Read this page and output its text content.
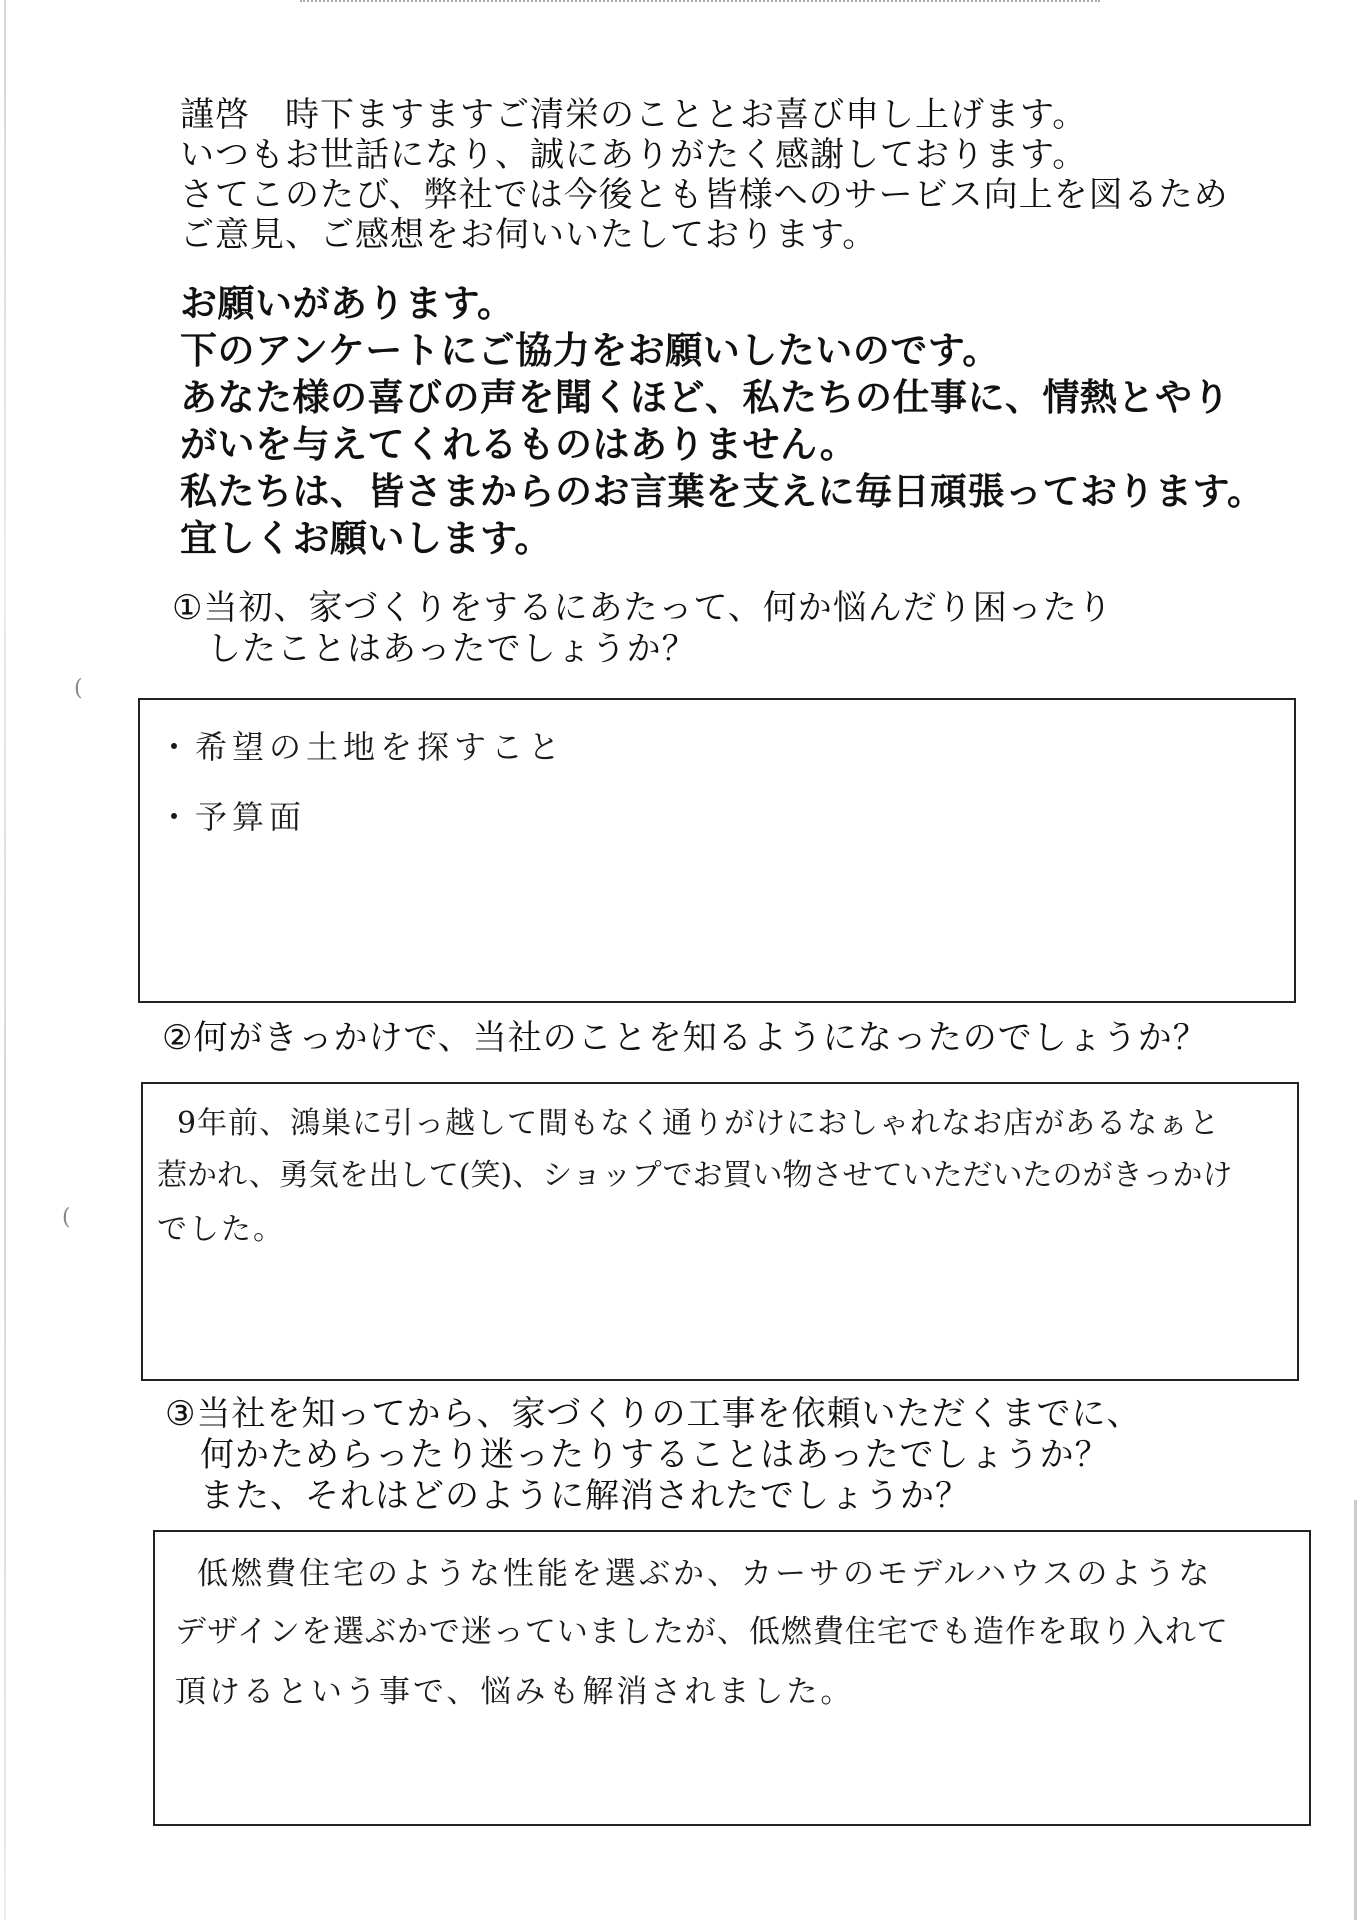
(
(
謹啓　時下ますますご清栄のこととお喜び申し上げます。
いつもお世話になり、誠にありがたく感謝しております。
さてこのたび、弊社では今後とも皆様へのサービス向上を図るため
ご意見、ご感想をお伺いいたしております。
お願いがあります。
下のアンケートにご協力をお願いしたいのです。
あなた様の喜びの声を聞くほど、私たちの仕事に、情熱とやり
がいを与えてくれるものはありません。
私たちは、皆さまからのお言葉を支えに毎日頑張っております。
宜しくお願いします。
①当初、家づくりをするにあたって、何か悩んだり困ったり
　したことはあったでしょうか？
・希望の土地を探すこと
・予算面
②何がきっかけで、当社のことを知るようになったのでしょうか？
9年前、鴻巣に引っ越して間もなく通りがけにおしゃれなお店があるなぁと
惹かれ、勇気を出して(笑)、ショップでお買い物させていただいたのがきっかけ
でした。
③当社を知ってから、家づくりの工事を依頼いただくまでに、
　何かためらったり迷ったりすることはあったでしょうか？
　また、それはどのように解消されたでしょうか？
低燃費住宅のような性能を選ぶか、カーサのモデルハウスのような
デザインを選ぶかで迷っていましたが、低燃費住宅でも造作を取り入れて
頂けるという事で、悩みも解消されました。
